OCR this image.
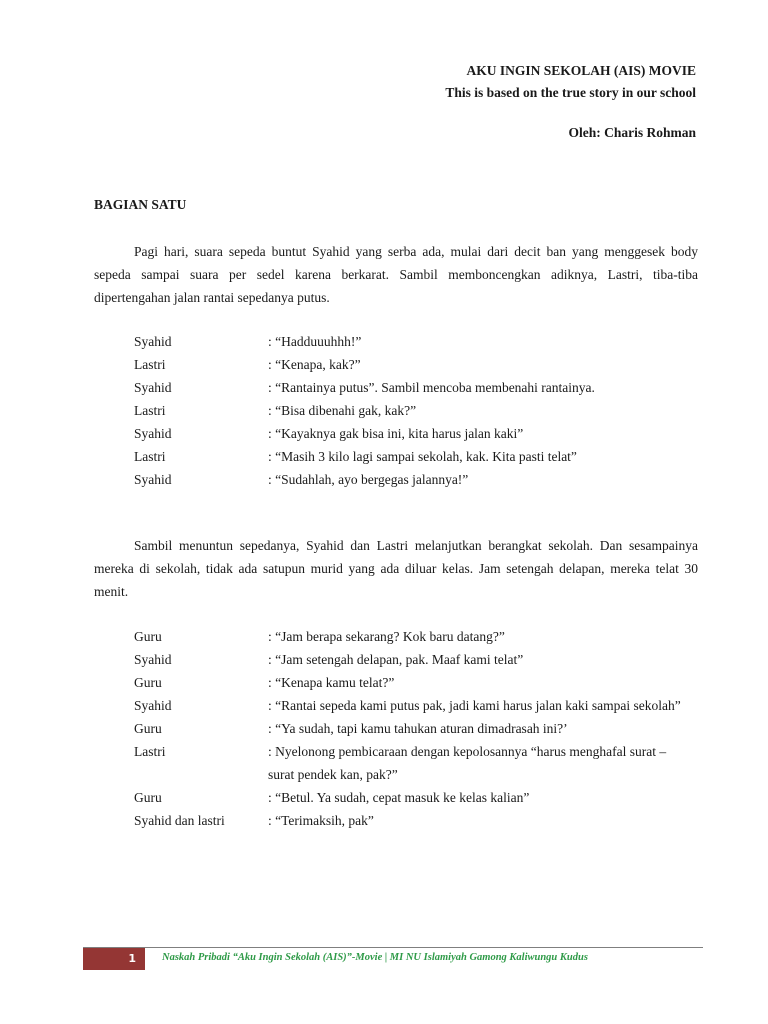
AKU INGIN SEKOLAH (AIS) MOVIE
This is based on the true story in our school
Oleh: Charis Rohman
BAGIAN SATU
Pagi hari, suara sepeda buntut Syahid yang serba ada, mulai dari decit ban yang menggesek body sepeda sampai suara per sedel karena berkarat. Sambil memboncengkan adiknya, Lastri, tiba-tiba dipertengahan jalan rantai sepedanya putus.
Syahid	: “Hadduuuhhh!”
Lastri	: “Kenapa, kak?”
Syahid	: “Rantainya putus”. Sambil mencoba membenahi rantainya.
Lastri	: “Bisa dibenahi gak, kak?”
Syahid	: “Kayaknya gak bisa ini, kita harus jalan kaki”
Lastri	: “Masih 3 kilo lagi sampai sekolah, kak. Kita pasti telat”
Syahid	: “Sudahlah, ayo bergegas jalannya!”
Sambil menuntun sepedanya, Syahid dan Lastri melanjutkan berangkat sekolah. Dan sesampainya mereka di sekolah, tidak ada satupun murid yang ada diluar kelas. Jam setengah delapan, mereka telat 30 menit.
Guru	: “Jam berapa sekarang? Kok baru datang?”
Syahid	: “Jam setengah delapan, pak. Maaf kami telat”
Guru	: “Kenapa kamu telat?”
Syahid	: “Rantai sepeda kami putus pak, jadi kami harus jalan kaki sampai sekolah”
Guru	: “Ya sudah, tapi kamu tahukan aturan dimadrasah ini?’
Lastri	: Nyelonong pembicaraan dengan kepolosannya “harus menghafal surat – surat pendek kan, pak?”
Guru	: “Betul. Ya sudah, cepat masuk ke kelas kalian”
Syahid dan lastri	: “Terimaksih, pak”
1	Naskah Pribadi “Aku Ingin Sekolah (AIS)”-Movie | MI NU Islamiyah Gamong Kaliwungu Kudus
